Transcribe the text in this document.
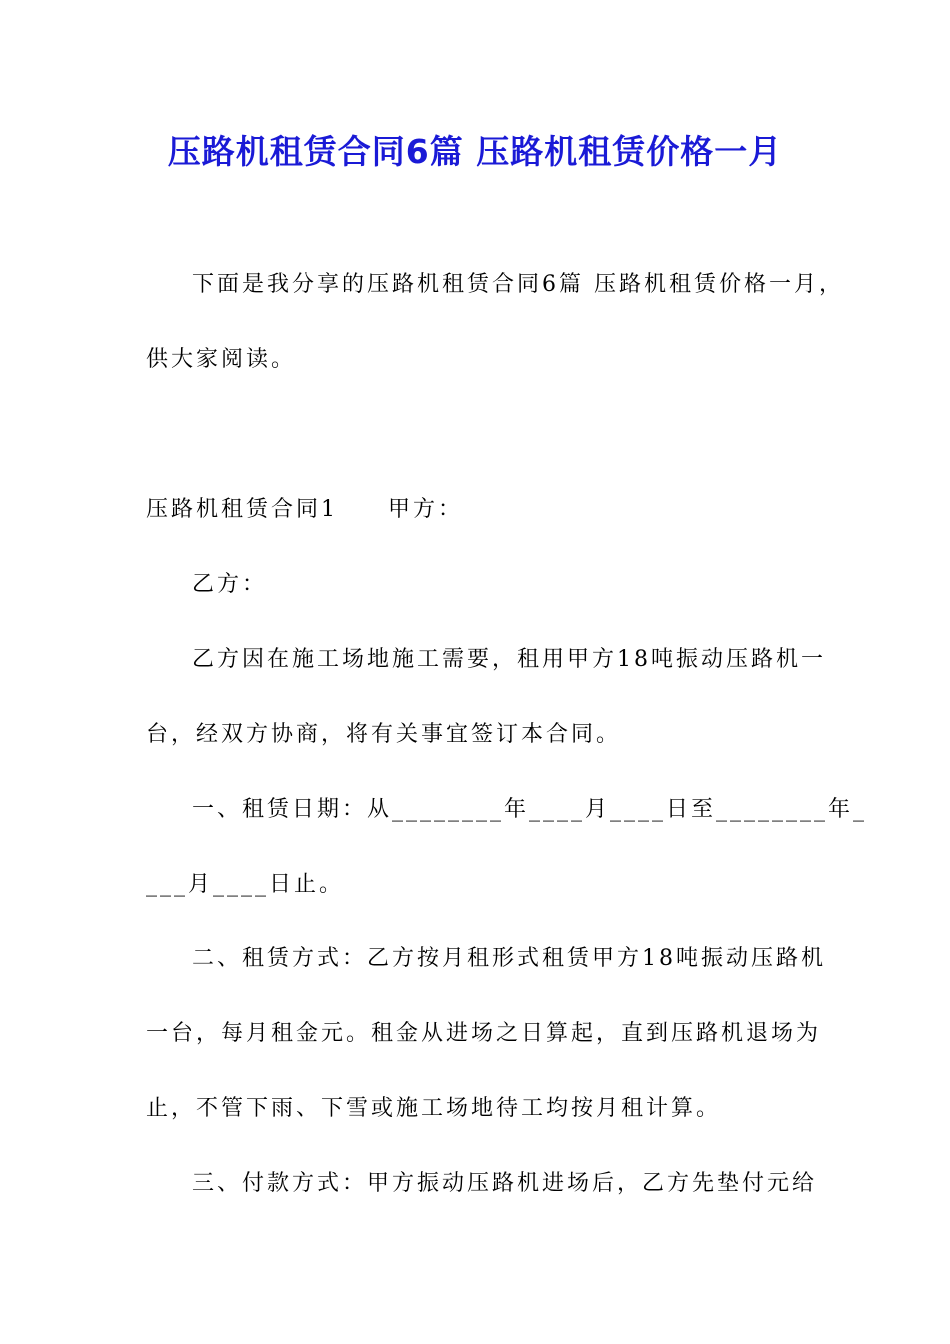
压路机租赁合同6篇 压路机租赁价格一月
下面是我分享的压路机租赁合同6篇 压路机租赁价格一月，
供大家阅读。
压路机租赁合同1 甲方：
乙方：
乙方因在施工场地施工需要，租用甲方18吨振动压路机一
台，经双方协商，将有关事宜签订本合同。
一、租赁日期：从________年____月____日至________年_
___月____日止。
二、租赁方式：乙方按月租形式租赁甲方18吨振动压路机
一台，每月租金元。租金从进场之日算起，直到压路机退场为
止，不管下雨、下雪或施工场地待工均按月租计算。
三、付款方式：甲方振动压路机进场后，乙方先垫付元给
